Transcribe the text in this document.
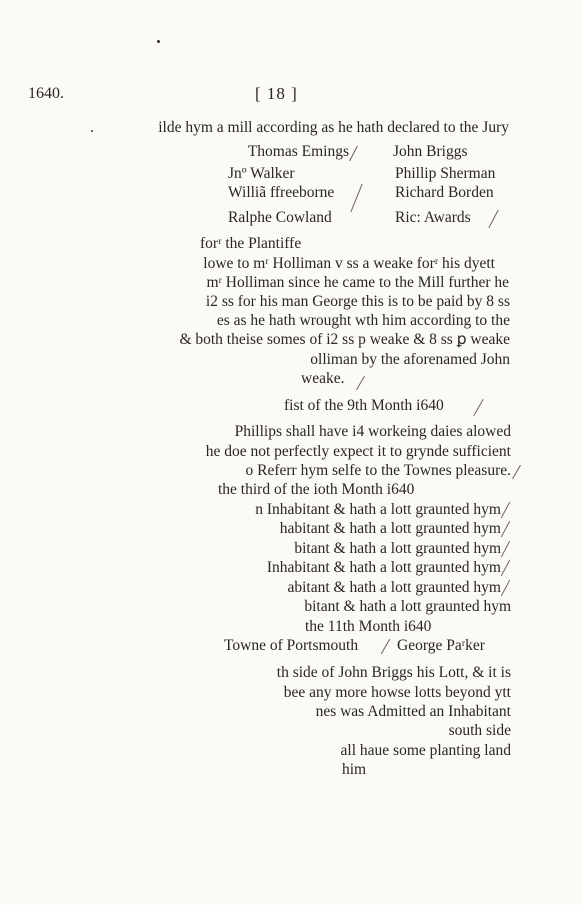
1640.	[ 18 ]
ilde hym a mill according as he hath declared to the Jury
Thomas Emings	John Briggs
Jnº Walker	Phillip Sherman
Williã ffreeborne	Richard Borden
Ralphe Cowland	Ric: Awards
forʳ the Plantiffe
lowe to mʳ Holliman v ss a weake forʳ his dyett
mʳ Holliman since he came to the Mill further he
i2 ss for his man George this is to be paid by 8 ss
es as he hath wrought wth him according to the
& both theise somes of i2 ss p weake & 8 ss ꝑ weake
olliman by the aforenamed John
weake.
fist of the 9th Month i640
Phillips shall have i4 workeing daies alowed
he doe not perfectly expect it to grynde sufficient
o Referr hym selfe to the Townes pleasure.
the third of the ioth Month i640
n Inhabitant & hath a lott graunted hym
habitant & hath a lott graunted hym
bitant & hath a lott graunted hym
Inhabitant & hath a lott graunted hym
abitant & hath a lott graunted hym
bitant & hath a lott graunted hym
the 11th Month i640
Towne of Portsmouth	George Paʳker
th side of John Briggs his Lott, & it is
bee any more howse lotts beyond ytt
nes was Admitted an Inhabitant
south side
all haue some planting land
him
